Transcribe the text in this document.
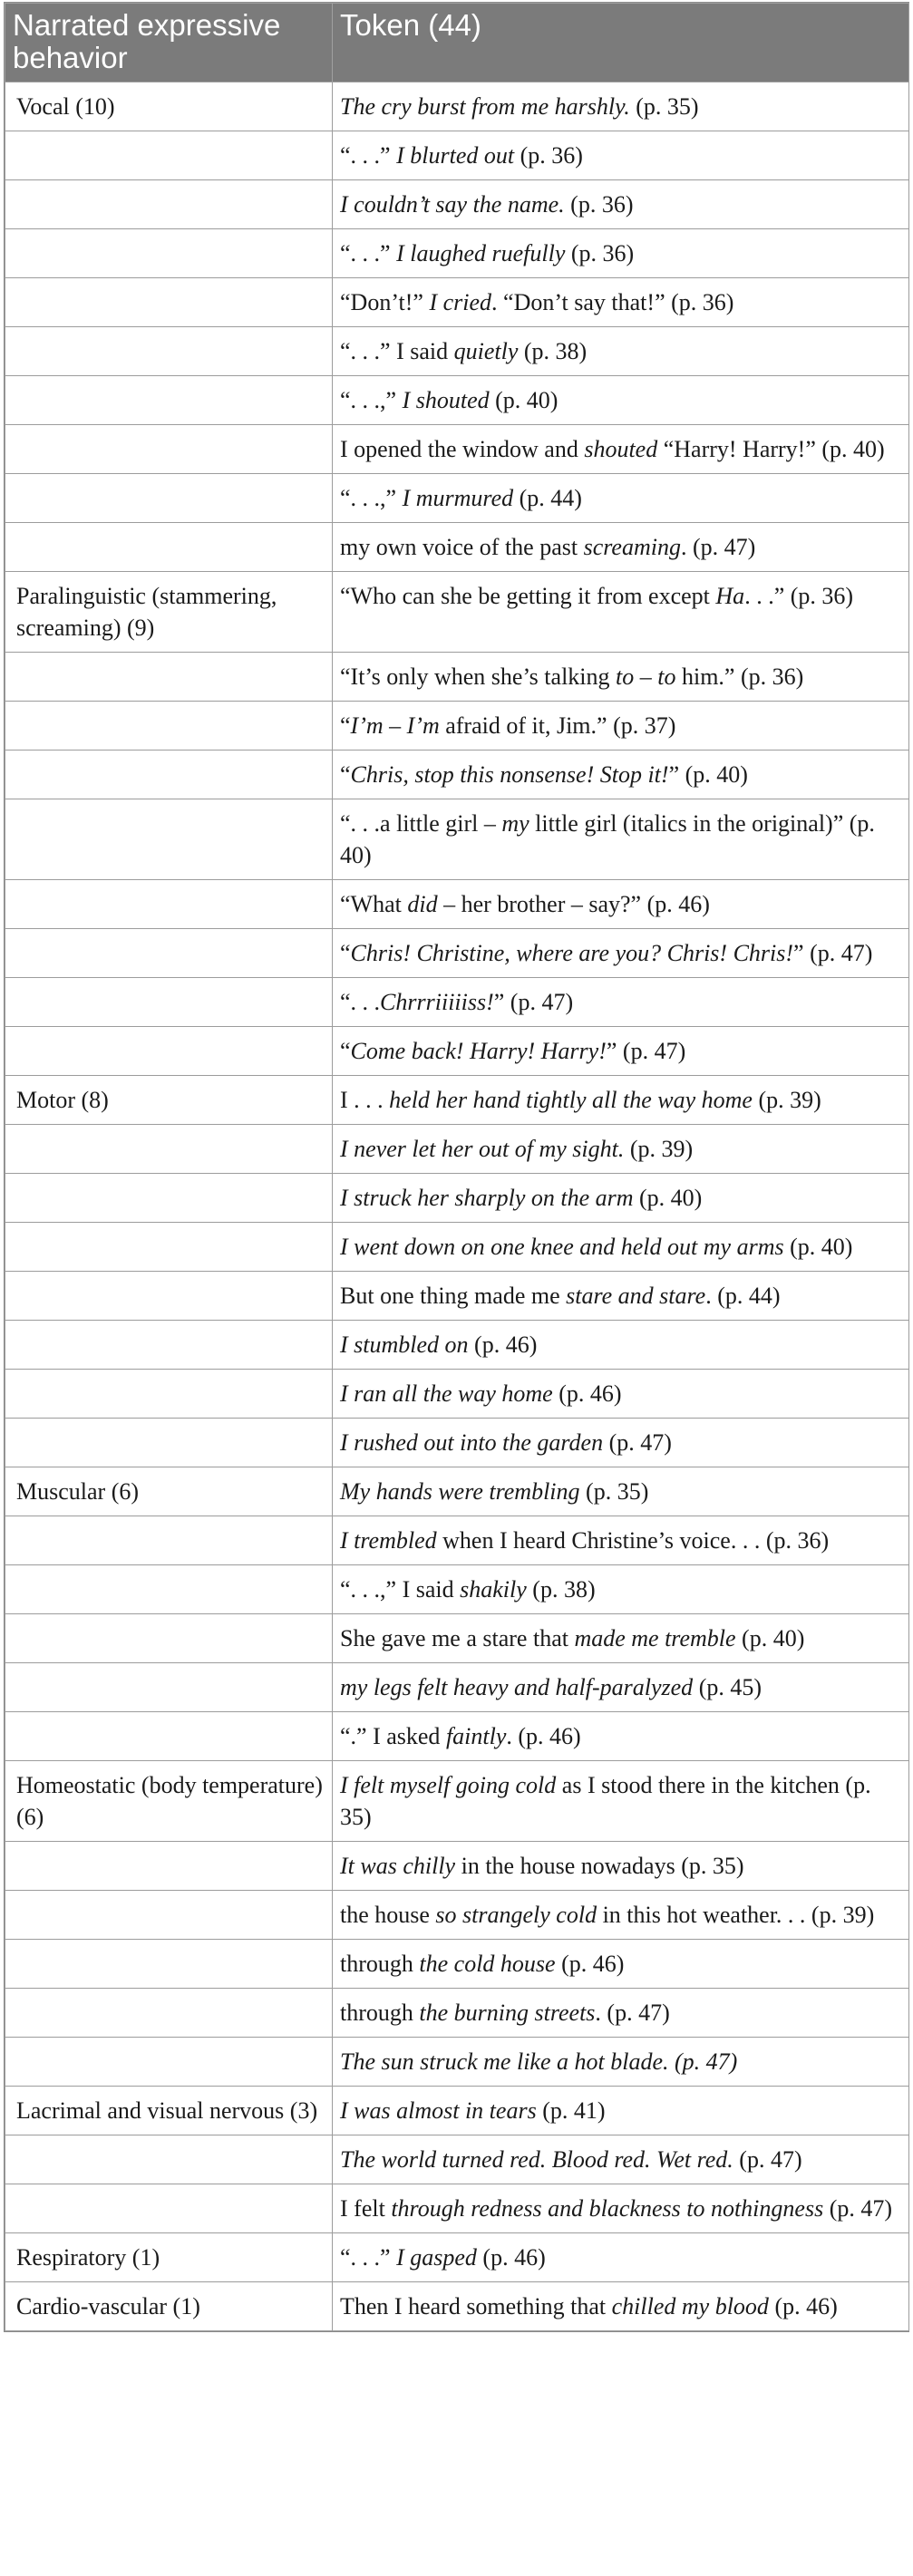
Narrated expressive behavior	Token (44)
Vocal (10)	The cry burst from me harshly. (p. 35)
	“. . .” I blurted out (p. 36)
	I couldn’t say the name. (p. 36)
	“. . .” I laughed ruefully (p. 36)
	“Don’t!” I cried. “Don’t say that!” (p. 36)
	“. . .” I said quietly (p. 38)
	“. . .,” I shouted (p. 40)
	I opened the window and shouted “Harry! Harry!” (p. 40)
	“. . .,” I murmured (p. 44)
	my own voice of the past screaming. (p. 47)
Paralinguistic (stammering, screaming) (9)	“Who can she be getting it from except Ha. . .” (p. 36)
	“It’s only when she’s talking to – to him.” (p. 36)
	“I’m – I’m afraid of it, Jim.” (p. 37)
	“Chris, stop this nonsense! Stop it!” (p. 40)
	“. . .a little girl – my little girl (italics in the original)” (p. 40)
	“What did – her brother – say?” (p. 46)
	“Chris! Christine, where are you? Chris! Chris!” (p. 47)
	“. . .Chrrriiiiiss!” (p. 47)
	“Come back! Harry! Harry!” (p. 47)
Motor (8)	I . . . held her hand tightly all the way home (p. 39)
	I never let her out of my sight. (p. 39)
	I struck her sharply on the arm (p. 40)
	I went down on one knee and held out my arms (p. 40)
	But one thing made me stare and stare. (p. 44)
	I stumbled on (p. 46)
	I ran all the way home (p. 46)
	I rushed out into the garden (p. 47)
Muscular (6)	My hands were trembling (p. 35)
	I trembled when I heard Christine’s voice. . . (p. 36)
	“. . .,” I said shakily (p. 38)
	She gave me a stare that made me tremble (p. 40)
	my legs felt heavy and half-paralyzed (p. 45)
	“.” I asked faintly. (p. 46)
Homeostatic (body temperature) (6)	I felt myself going cold as I stood there in the kitchen (p. 35)
	It was chilly in the house nowadays (p. 35)
	the house so strangely cold in this hot weather. . . (p. 39)
	through the cold house (p. 46)
	through the burning streets. (p. 47)
	The sun struck me like a hot blade. (p. 47)
Lacrimal and visual nervous (3)	I was almost in tears (p. 41)
	The world turned red. Blood red. Wet red. (p. 47)
	I felt through redness and blackness to nothingness (p. 47)
Respiratory (1)	“. . .” I gasped (p. 46)
Cardio-vascular (1)	Then I heard something that chilled my blood (p. 46)
